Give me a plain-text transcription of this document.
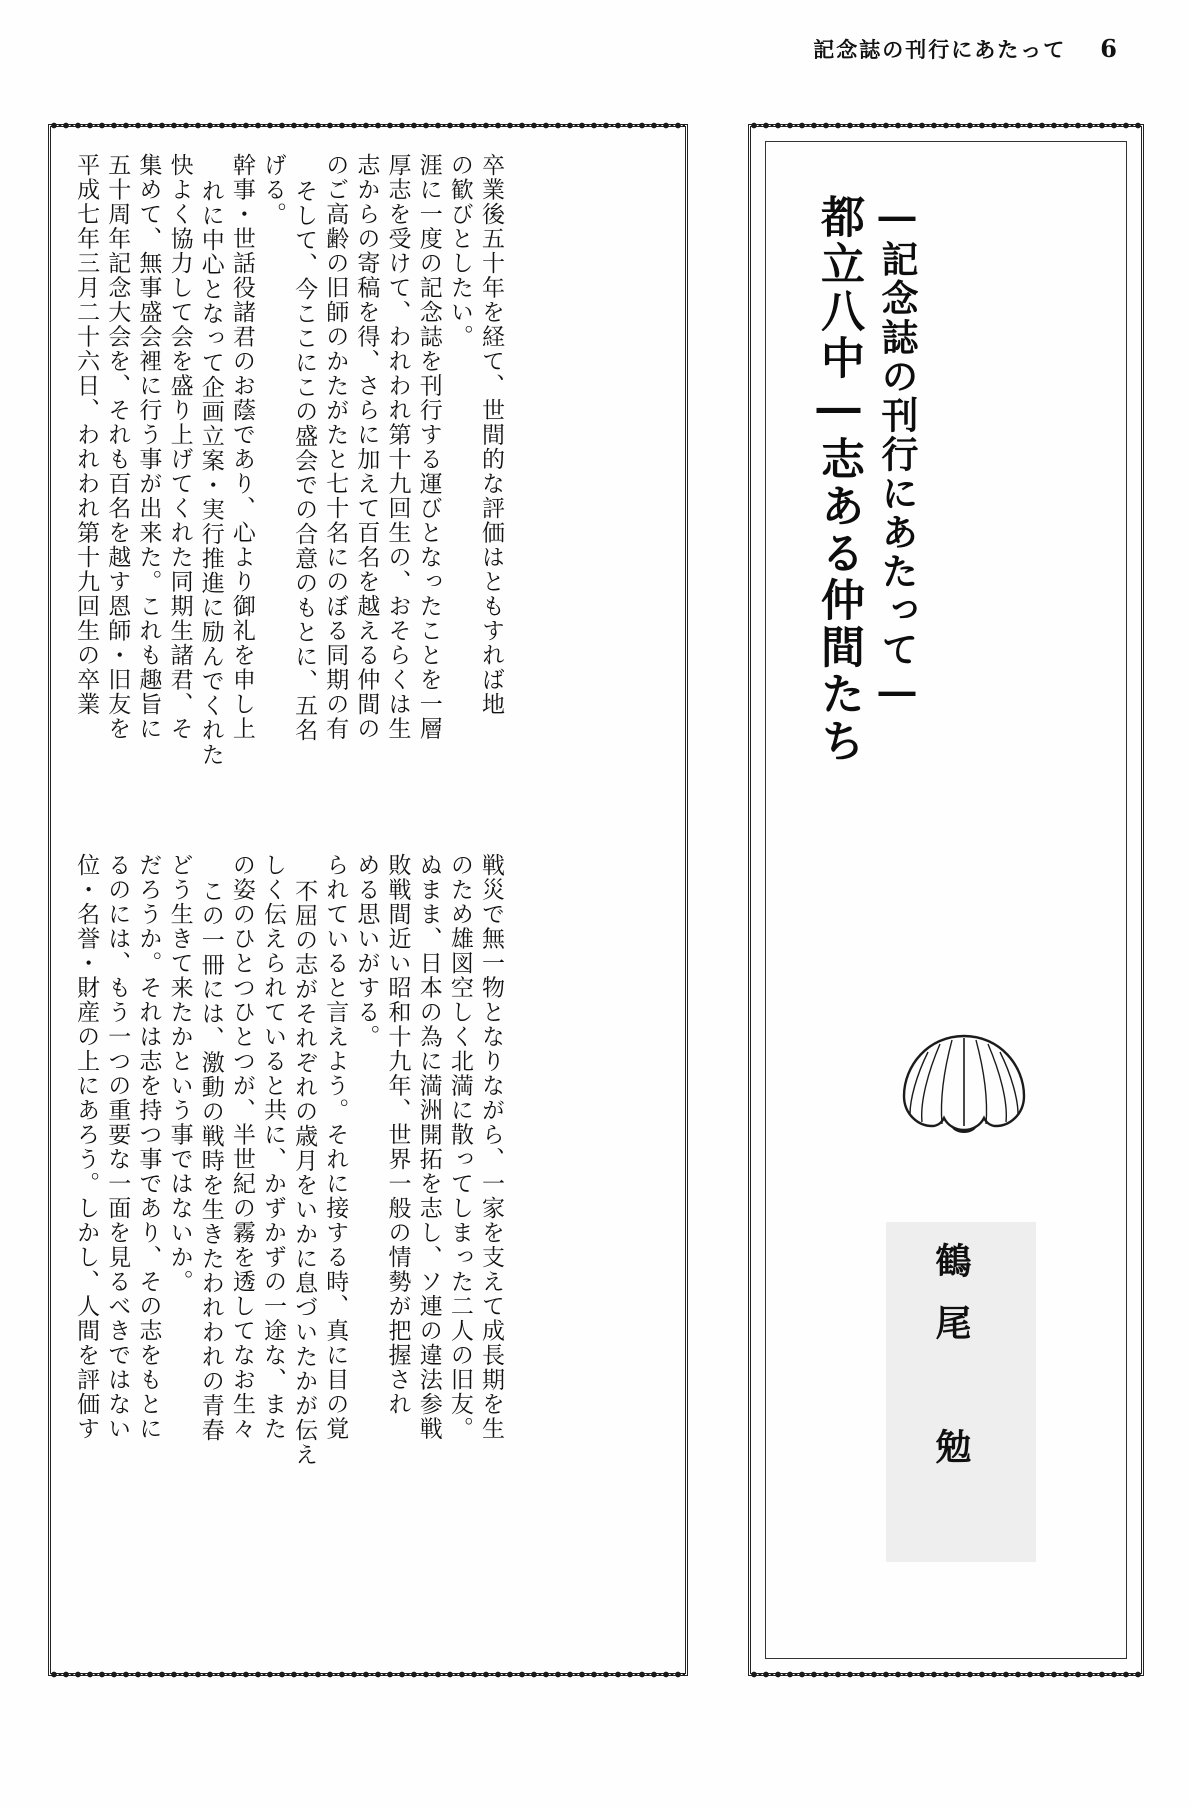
記念誌の刊行にあたって 6
平成七年三月二十六日、われわれ第十九回生の卒業 五十周年記念大会を、それも百名を越す恩師・旧友を 集めて、無事盛会裡に行う事が出来た。これも趣旨に 快よく協力して会を盛り上げてくれた同期生諸君、そ れに中心となって企画立案・実行推進に励んでくれた 幹事・世話役諸君のお蔭であり、心より御礼を申し上 げる。 そして、今ここにこの盛会での合意のもとに、五名 のご高齢の旧師のかたがたと七十名にのぼる同期の有 志からの寄稿を得、さらに加えて百名を越える仲間の 厚志を受けて、われわれ第十九回生の、おそらくは生 涯に一度の記念誌を刊行する運びとなったことを一層 の歓びとしたい。 卒業後五十年を経て、世間的な評価はともすれば地
位・名誉・財産の上にあろう。しかし、人間を評価す るのには、もう一つの重要な一面を見るべきではない だろうか。それは志を持つ事であり、その志をもとに どう生きて来たかという事ではないか。 この一冊には、激動の戦時を生きたわれわれの青春 の姿のひとつひとつが、半世紀の霧を透してなお生々 しく伝えられていると共に、かずかずの一途な、また 不屈の志がそれぞれの歳月をいかに息づいたかが伝え られていると言えよう。それに接する時、真に目の覚 める思いがする。 敗戦間近い昭和十九年、世界一般の情勢が把握され ぬまま、日本の為に満洲開拓を志し、ソ連の違法参戦 のため雄図空しく北満に散ってしまった二人の旧友。 戦災で無一物となりながら、一家を支えて成長期を生
都立八中―志ある仲間たち ―記念誌の刊行にあたって―
鶴尾　勉
